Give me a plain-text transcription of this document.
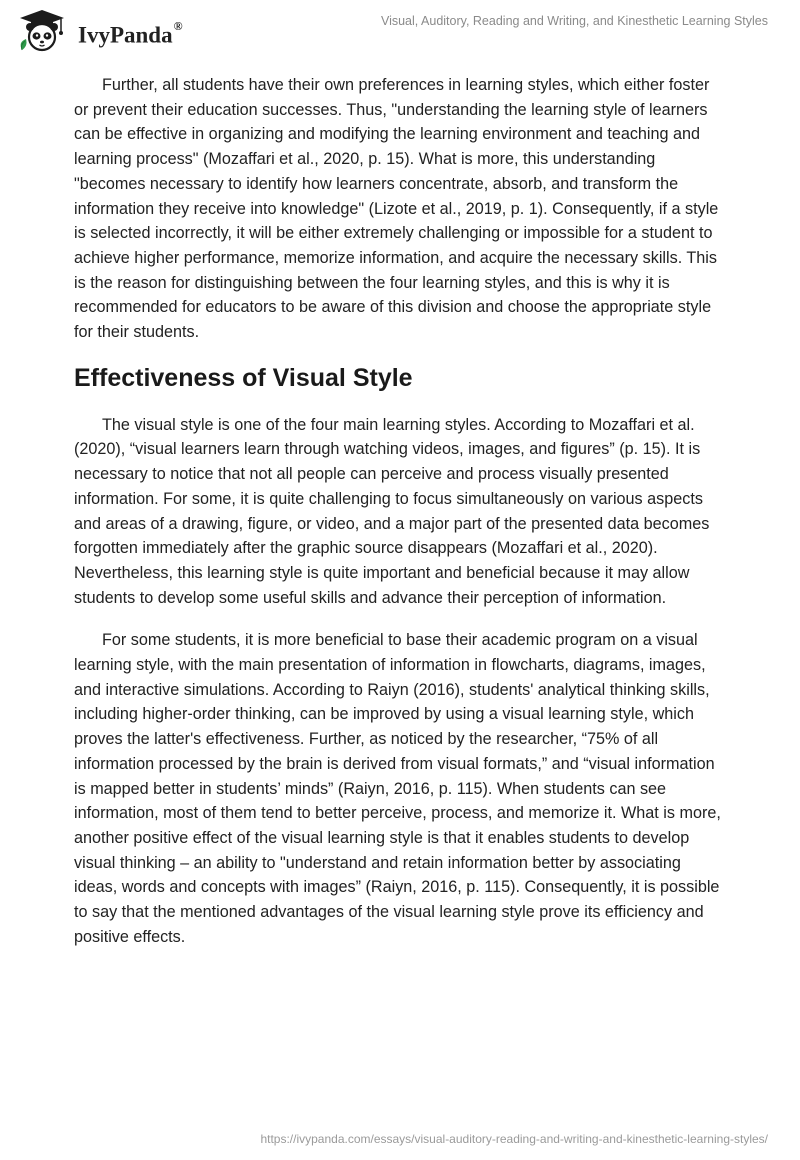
IvyPanda®	Visual, Auditory, Reading and Writing, and Kinesthetic Learning Styles

Further, all students have their own preferences in learning styles, which either foster or prevent their education successes. Thus, "understanding the learning style of learners can be effective in organizing and modifying the learning environment and teaching and learning process" (Mozaffari et al., 2020, p. 15). What is more, this understanding "becomes necessary to identify how learners concentrate, absorb, and transform the information they receive into knowledge" (Lizote et al., 2019, p. 1). Consequently, if a style is selected incorrectly, it will be either extremely challenging or impossible for a student to achieve higher performance, memorize information, and acquire the necessary skills. This is the reason for distinguishing between the four learning styles, and this is why it is recommended for educators to be aware of this division and choose the appropriate style for their students.

Effectiveness of Visual Style

The visual style is one of the four main learning styles. According to Mozaffari et al. (2020), “visual learners learn through watching videos, images, and figures” (p. 15). It is necessary to notice that not all people can perceive and process visually presented information. For some, it is quite challenging to focus simultaneously on various aspects and areas of a drawing, figure, or video, and a major part of the presented data becomes forgotten immediately after the graphic source disappears (Mozaffari et al., 2020). Nevertheless, this learning style is quite important and beneficial because it may allow students to develop some useful skills and advance their perception of information.

For some students, it is more beneficial to base their academic program on a visual learning style, with the main presentation of information in flowcharts, diagrams, images, and interactive simulations. According to Raiyn (2016), students' analytical thinking skills, including higher-order thinking, can be improved by using a visual learning style, which proves the latter's effectiveness. Further, as noticed by the researcher, “75% of all information processed by the brain is derived from visual formats,” and “visual information is mapped better in students’ minds” (Raiyn, 2016, p. 115). When students can see information, most of them tend to better perceive, process, and memorize it. What is more, another positive effect of the visual learning style is that it enables students to develop visual thinking – an ability to "understand and retain information better by associating ideas, words and concepts with images” (Raiyn, 2016, p. 115). Consequently, it is possible to say that the mentioned advantages of the visual learning style prove its efficiency and positive effects.

https://ivypanda.com/essays/visual-auditory-reading-and-writing-and-kinesthetic-learning-styles/
